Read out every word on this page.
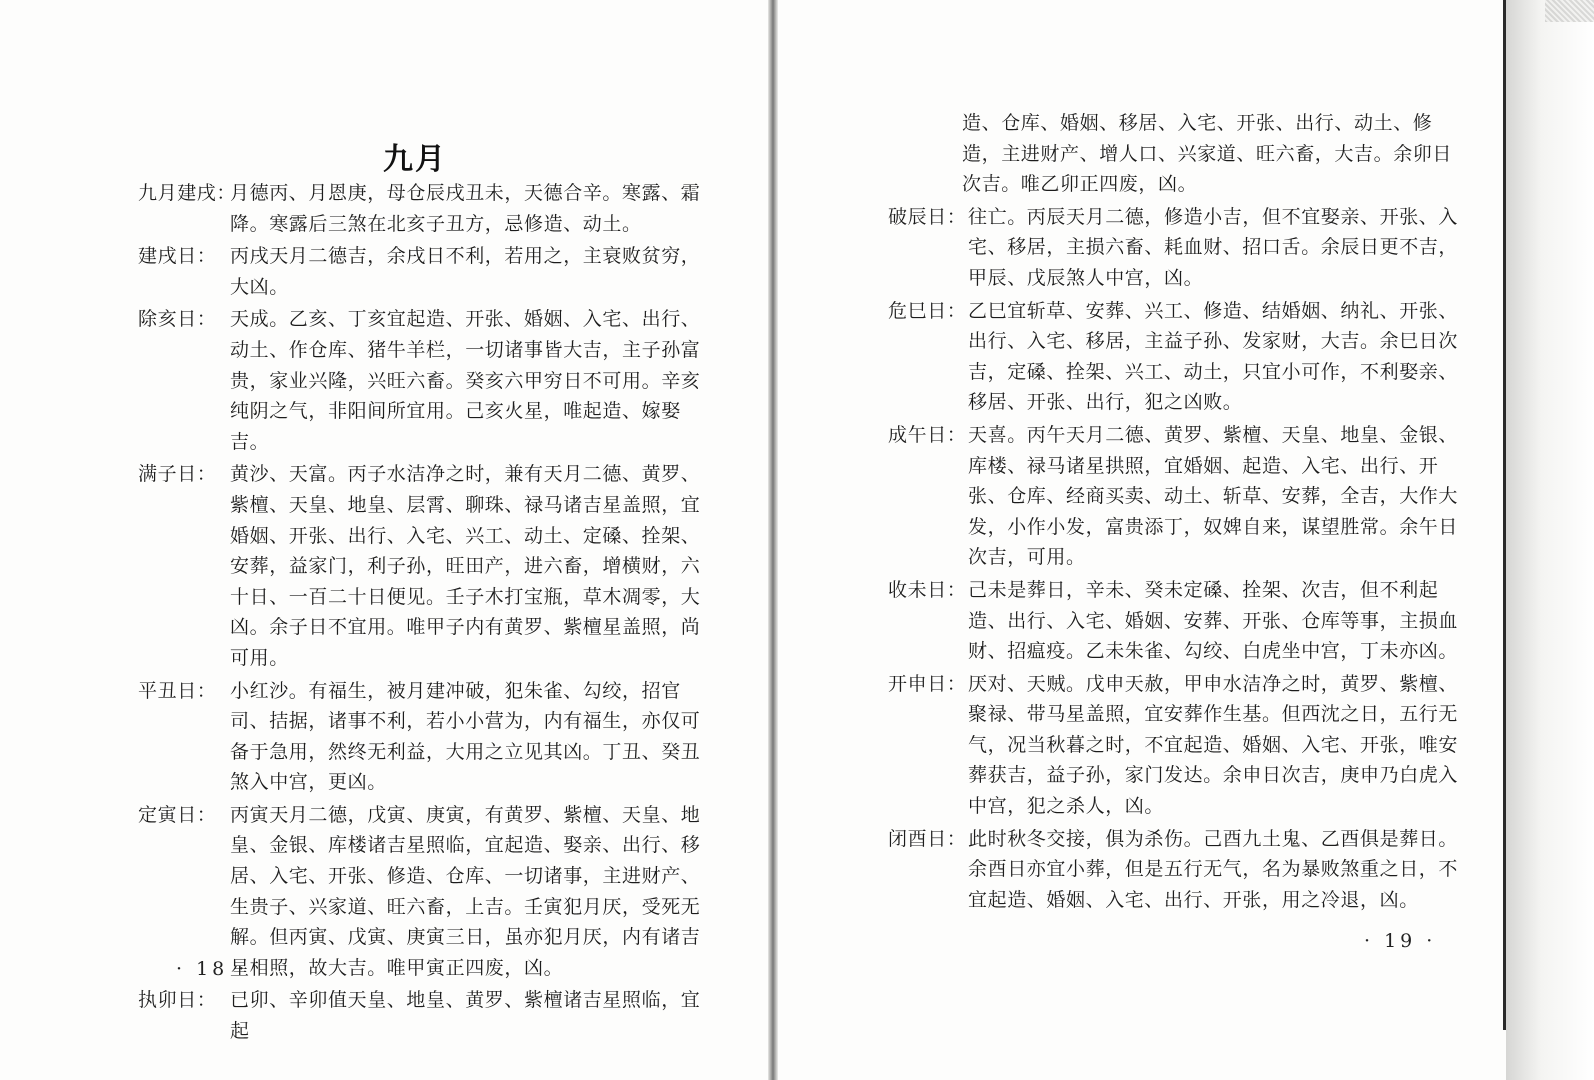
九月

九月建戌：
月德丙、月恩庚，母仓辰戌丑未，天德合辛。寒露、霜降。寒露后三煞在北亥子丑方，忌修造、动土。

建戌日： 丙戌天月二德吉，余戌日不利，若用之，主衰败贫穷，大凶。

除亥日： 天成。乙亥、丁亥宜起造、开张、婚姻、入宅、出行、动土、作仓库、猪牛羊栏，一切诸事皆大吉，主子孙富贵，家业兴隆，兴旺六畜。癸亥六甲穷日不可用。辛亥纯阴之气，非阳间所宜用。己亥火星，唯起造、嫁娶吉。

满子日： 黄沙、天富。丙子水洁净之时，兼有天月二德、黄罗、紫檀、天皇、地皇、层霄、聊珠、禄马诸吉星盖照，宜婚姻、开张、出行、入宅、兴工、动土、定磉、拴架、安葬，益家门，利子孙，旺田产，进六畜，增横财，六十日、一百二十日便见。壬子木打宝瓶，草木凋零，大凶。余子日不宜用。唯甲子内有黄罗、紫檀星盖照，尚可用。

平丑日： 小红沙。有福生，被月建冲破，犯朱雀、勾绞，招官司、拮据，诸事不利，若小小营为，内有福生，亦仅可备于急用，然终无利益，大用之立见其凶。丁丑、癸丑煞入中宫，更凶。

定寅日： 丙寅天月二德，戊寅、庚寅，有黄罗、紫檀、天皇、地皇、金银、库楼诸吉星照临，宜起造、娶亲、出行、移居、入宅、开张、修造、仓库、一切诸事，主进财产、生贵子、兴家道、旺六畜，上吉。壬寅犯月厌，受死无解。但丙寅、戊寅、庚寅三日，虽亦犯月厌，内有诸吉星相照，故大吉。唯甲寅正四废，凶。

执卯日： 已卯、辛卯值天皇、地皇、黄罗、紫檀诸吉星照临，宜起

· 18 ·
造、仓库、婚姻、移居、入宅、开张、出行、动土、修造，主进财产、增人口、兴家道、旺六畜，大吉。余卯日次吉。唯乙卯正四废，凶。

破辰日： 往亡。丙辰天月二德，修造小吉，但不宜娶亲、开张、入宅、移居，主损六畜、耗血财、招口舌。余辰日更不吉，甲辰、戊辰煞人中宫，凶。

危巳日： 乙巳宜斩草、安葬、兴工、修造、结婚姻、纳礼、开张、出行、入宅、移居，主益子孙、发家财，大吉。余巳日次吉，定磉、拴架、兴工、动土，只宜小可作，不利娶亲、移居、开张、出行，犯之凶败。

成午日： 天喜。丙午天月二德、黄罗、紫檀、天皇、地皇、金银、库楼、禄马诸星拱照，宜婚姻、起造、入宅、出行、开张、仓库、经商买卖、动土、斩草、安葬，全吉，大作大发，小作小发，富贵添丁，奴婢自来，谋望胜常。余午日次吉，可用。

收未日： 己未是葬日，辛未、癸未定磉、拴架、次吉，但不利起造、出行、入宅、婚姻、安葬、开张、仓库等事，主损血财、招瘟疫。乙未朱雀、勾绞、白虎坐中宫，丁未亦凶。

开申日： 厌对、天贼。戊申天赦，甲申水洁净之时，黄罗、紫檀、聚禄、带马星盖照，宜安葬作生基。但西沈之日，五行无气，况当秋暮之时，不宜起造、婚姻、入宅、开张，唯安葬获吉，益子孙，家门发达。余申日次吉，庚申乃白虎入中宫，犯之杀人，凶。

闭酉日： 此时秋冬交接，俱为杀伤。己酉九土鬼、乙酉俱是葬日。余酉日亦宜小葬，但是五行无气，名为暴败煞重之日，不宜起造、婚姻、入宅、出行、开张，用之冷退，凶。

· 19 ·
